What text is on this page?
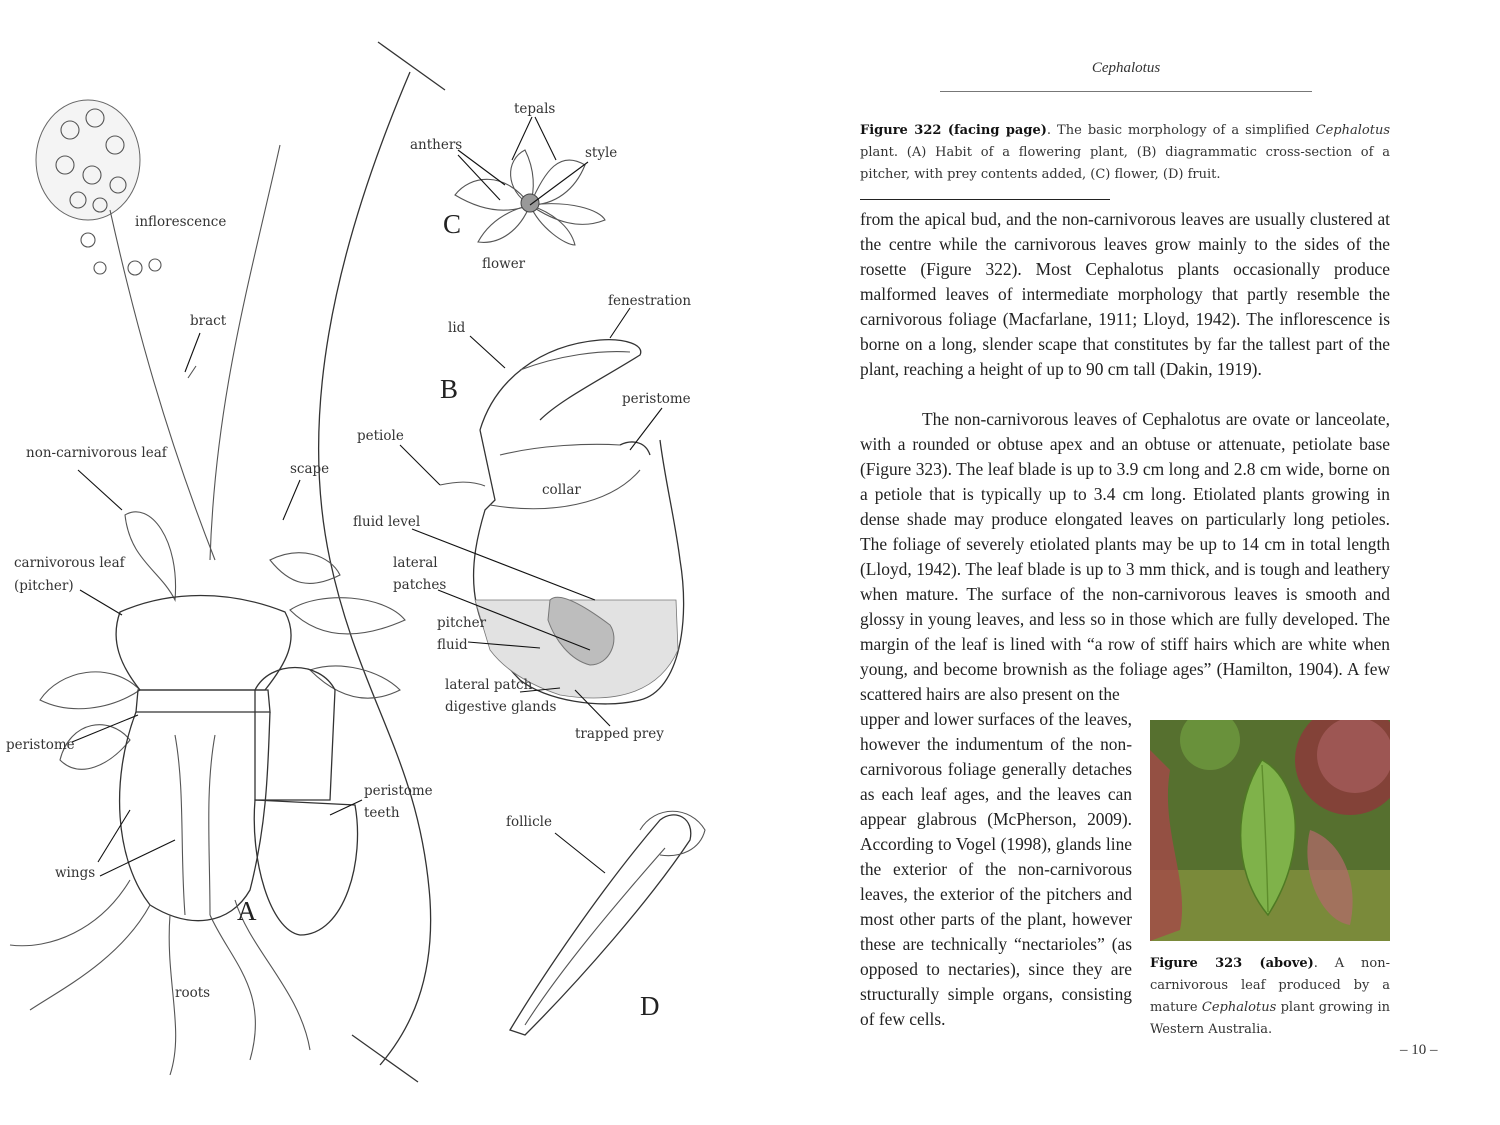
inflorescence
bract
non-carnivorous leaf
scape
carnivorous leaf
(pitcher)
peristome
wings
roots
peristome
teeth
A
tepals
anthers	style
C
flower
fenestration
lid
B	peristome
petiole
collar
fluid level
lateral
patches
pitcher
fluid
lateral patch
digestive glands
trapped prey
follicle
D
Cephalotus
Figure 322 (facing page). The basic morphology of a simplified Cephalotus plant. (A) Habit of a flowering plant, (B) diagrammatic cross-section of a pitcher, with prey contents added, (C) flower, (D) fruit.

from the apical bud, and the non-carnivorous leaves are usually clustered at the centre while the carnivorous leaves grow mainly to the sides of the rosette (Figure 322). Most Cephalotus plants occasionally produce malformed leaves of intermediate morphology that partly resemble the carnivorous foliage (Macfarlane, 1911; Lloyd, 1942). The inflorescence is borne on a long, slender scape that constitutes by far the tallest part of the plant, reaching a height of up to 90 cm tall (Dakin, 1919).

The non-carnivorous leaves of Cephalotus are ovate or lanceolate, with a rounded or obtuse apex and an obtuse or attenuate, petiolate base (Figure 323). The leaf blade is up to 3.9 cm long and 2.8 cm wide, borne on a petiole that is typically up to 3.4 cm long. Etiolated plants growing in dense shade may produce elongated leaves on particularly long petioles. The foliage of severely etiolated plants may be up to 14 cm in total length (Lloyd, 1942). The leaf blade is up to 3 mm thick, and is tough and leathery when mature. The surface of the non-carnivorous leaves is smooth and glossy in young leaves, and less so in those which are fully developed. The margin of the leaf is lined with “a row of stiff hairs which are white when young, and become brownish as the foliage ages” (Hamilton, 1904). A few scattered hairs are also present on the

upper and lower surfaces of the leaves, however the indumentum of the non-carnivorous foliage generally detaches as each leaf ages, and the leaves can appear glabrous (McPherson, 2009). According to Vogel (1998), glands line the exterior of the non-carnivorous leaves, the exterior of the pitchers and most other parts of the plant, however these are technically “nectarioles” (as opposed to nectaries), since they are structurally simple organs, consisting of few cells.

Figure 323 (above). A non-carnivorous leaf produced by a mature Cephalotus plant growing in Western Australia.
– 10 –
